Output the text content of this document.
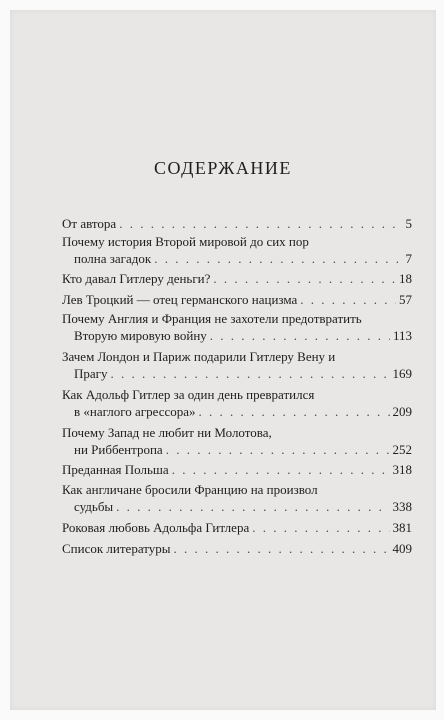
СОДЕРЖАНИЕ
От автора . . .	5
Почему история Второй мировой до сих пор
полна загадок . . .	7
Кто давал Гитлеру деньги? . . .	18
Лев Троцкий — отец германского нацизма . . .	57
Почему Англия и Франция не захотели предотвратить
Вторую мировую войну . . .	113
Зачем Лондон и Париж подарили Гитлеру Вену и
Прагу . . .	169
Как Адольф Гитлер за один день превратился
в «наглого агрессора» . . .	209
Почему Запад не любит ни Молотова,
ни Риббентропа . . .	252
Преданная Польша . . .	318
Как англичане бросили Францию на произвол
судьбы . . .	338
Роковая любовь Адольфа Гитлера . . .	381
Список литературы . . .	409
